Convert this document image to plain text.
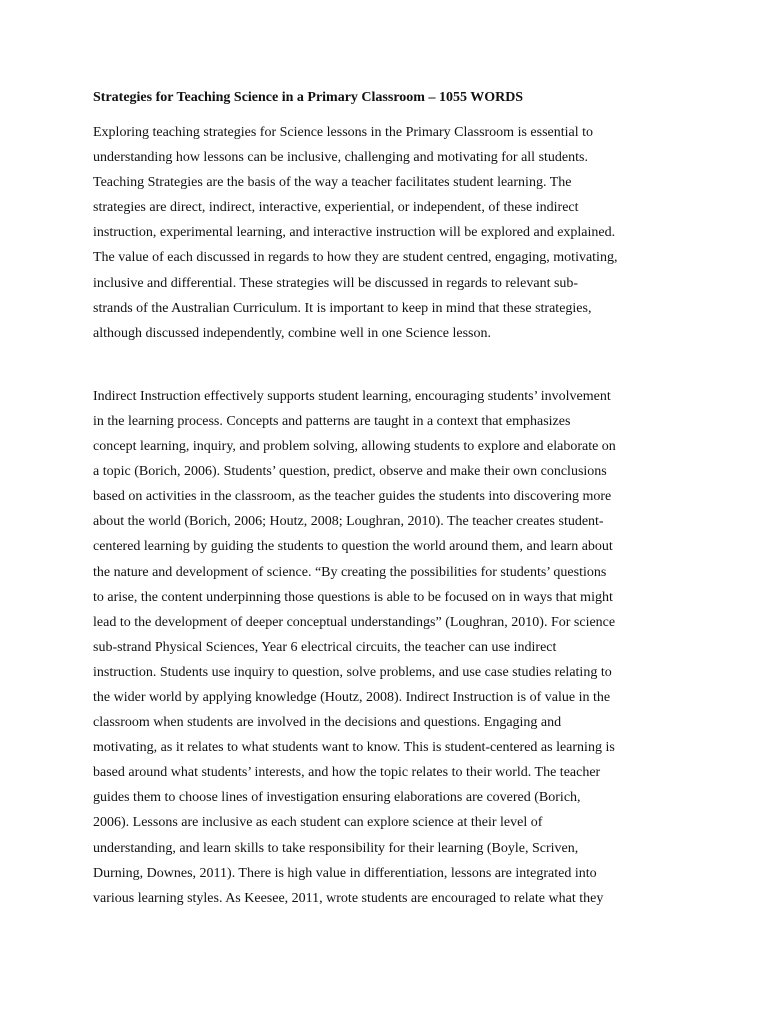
Strategies for Teaching Science in a Primary Classroom – 1055 WORDS
Exploring teaching strategies for Science lessons in the Primary Classroom is essential to
understanding how lessons can be inclusive, challenging and motivating for all students.
Teaching Strategies are the basis of the way a teacher facilitates student learning. The
strategies are direct, indirect, interactive, experiential, or independent, of these indirect
instruction, experimental learning, and interactive instruction will be explored and explained.
The value of each discussed in regards to how they are student centred, engaging, motivating,
inclusive and differential. These strategies will be discussed in regards to relevant sub-
strands of the Australian Curriculum. It is important to keep in mind that these strategies,
although discussed independently, combine well in one Science lesson.
Indirect Instruction effectively supports student learning, encouraging students’ involvement
in the learning process. Concepts and patterns are taught in a context that emphasizes
concept learning, inquiry, and problem solving, allowing students to explore and elaborate on
a topic (Borich, 2006). Students’ question, predict, observe and make their own conclusions
based on activities in the classroom, as the teacher guides the students into discovering more
about the world (Borich, 2006; Houtz, 2008; Loughran, 2010). The teacher creates student-
centered learning by guiding the students to question the world around them, and learn about
the nature and development of science. “By creating the possibilities for students’ questions
to arise, the content underpinning those questions is able to be focused on in ways that might
lead to the development of deeper conceptual understandings” (Loughran, 2010). For science
sub-strand Physical Sciences, Year 6 electrical circuits, the teacher can use indirect
instruction. Students use inquiry to question, solve problems, and use case studies relating to
the wider world by applying knowledge (Houtz, 2008). Indirect Instruction is of value in the
classroom when students are involved in the decisions and questions. Engaging and
motivating, as it relates to what students want to know. This is student-centered as learning is
based around what students’ interests, and how the topic relates to their world. The teacher
guides them to choose lines of investigation ensuring elaborations are covered (Borich,
2006). Lessons are inclusive as each student can explore science at their level of
understanding, and learn skills to take responsibility for their learning (Boyle, Scriven,
Durning, Downes, 2011). There is high value in differentiation, lessons are integrated into
various learning styles. As Keesee, 2011, wrote students are encouraged to relate what they
